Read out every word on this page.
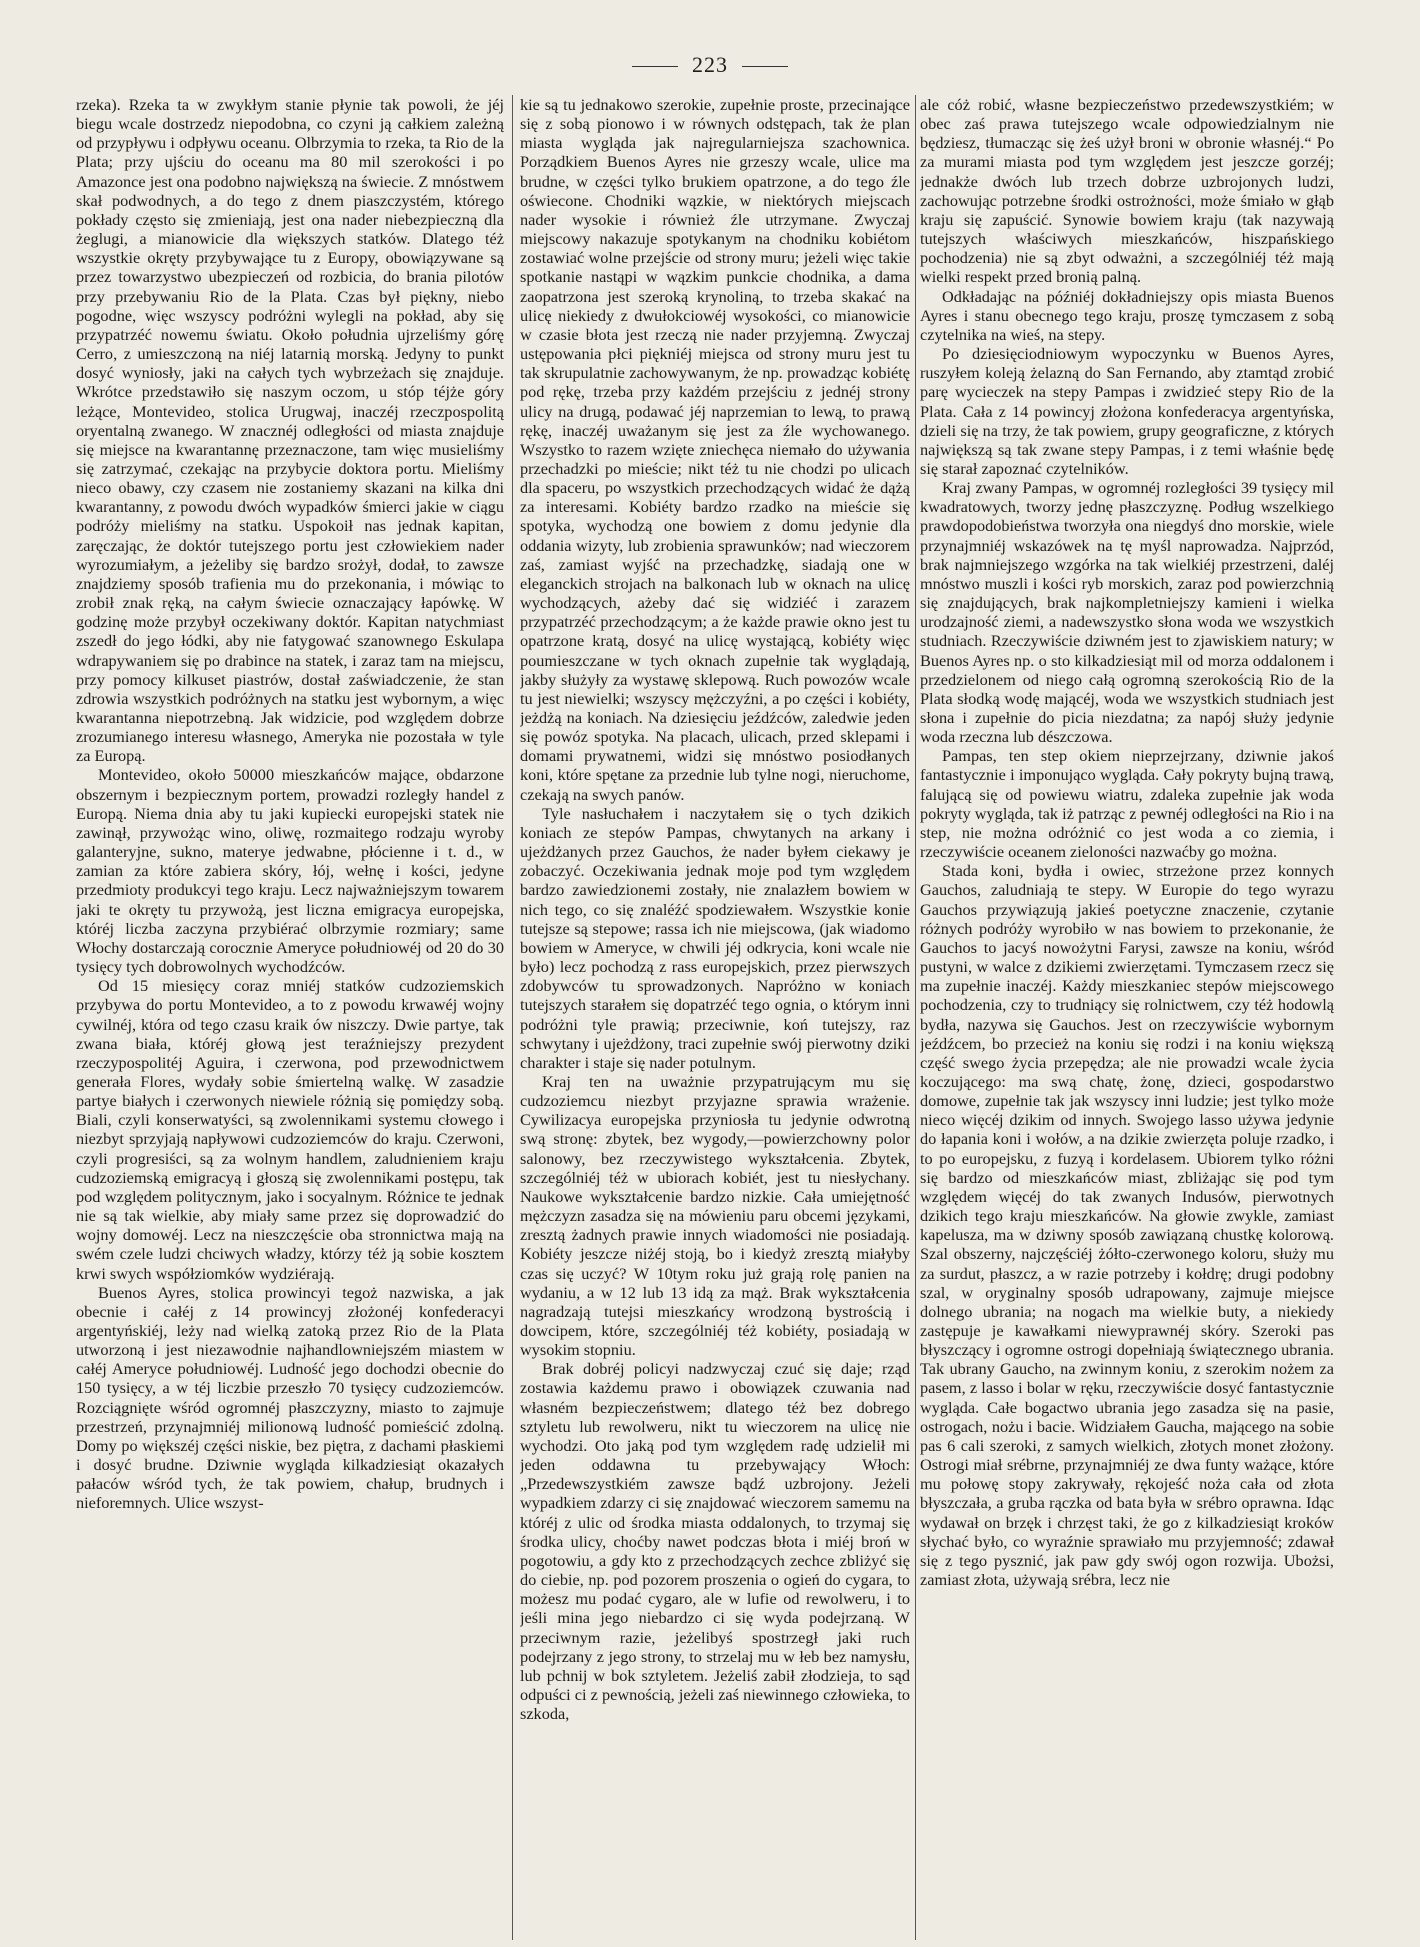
223

rzeka). Rzeka ta w zwykłym stanie płynie tak powoli, że jéj biegu wcale dostrzedz niepodobna, co czyni ją całkiem zależną od przypływu i odpływu oceanu. Olbrzymia to rzeka, ta Rio de la Plata; przy ujściu do oceanu ma 80 mil szerokości i po Amazonce jest ona podobno największą na świecie. Z mnóstwem skał podwodnych, a do tego z dnem piaszczystém, którego pokłady często się zmieniają, jest ona nader niebezpieczną dla żeglugi, a mianowicie dla większych statków. Dlatego téż wszystkie okręty przybywające tu z Europy, obowiązywane są przez towarzystwo ubezpieczeń od rozbicia, do brania pilotów przy przebywaniu Rio de la Plata. Czas był piękny, niebo pogodne, więc wszyscy podróżni wylegli na pokład, aby się przypatrzéć nowemu światu. Około południa ujrzeliśmy górę Cerro, z umieszczoną na niéj latarnią morską. Jedyny to punkt dosyć wyniosły, jaki na całych tych wybrzeżach się znajduje. Wkrótce przedstawiło się naszym oczom, u stóp téjże góry leżące, Montevideo, stolica Urugwaj, inaczéj rzeczpospolitą oryentalną zwanego. W znacznéj odległości od miasta znajduje się miejsce na kwarantannę przeznaczone, tam więc musieliśmy się zatrzymać, czekając na przybycie doktora portu. Mieliśmy nieco obawy, czy czasem nie zostaniemy skazani na kilka dni kwarantanny, z powodu dwóch wypadków śmierci jakie w ciągu podróży mieliśmy na statku. Uspokoił nas jednak kapitan, zaręczając, że doktór tutejszego portu jest człowiekiem nader wyrozumiałym, a jeżeliby się bardzo srożył, dodał, to zawsze znajdziemy sposób trafienia mu do przekonania, i mówiąc to zrobił znak ręką, na całym świecie oznaczający łapówkę. W godzinę może przybył oczekiwany doktór. Kapitan natychmiast zszedł do jego łódki, aby nie fatygować szanownego Eskulapa wdrapywaniem się po drabince na statek, i zaraz tam na miejscu, przy pomocy kilkuset piastrów, dostał zaświadczenie, że stan zdrowia wszystkich podróżnych na statku jest wybornym, a więc kwarantanna niepotrzebną. Jak widzicie, pod względem dobrze zrozumianego interesu własnego, Ameryka nie pozostała w tyle za Europą.

Montevideo, około 50000 mieszkańców mające, obdarzone obszernym i bezpiecznym portem, prowadzi rozległy handel z Europą. Niema dnia aby tu jaki kupiecki europejski statek nie zawinął, przywożąc wino, oliwę, rozmaitego rodzaju wyroby galanteryjne, sukno, materye jedwabne, płócienne i t. d., w zamian za które zabiera skóry, łój, wełnę i kości, jedyne przedmioty produkcyi tego kraju. Lecz najważniejszym towarem jaki te okręty tu przywożą, jest liczna emigracya europejska, któréj liczba zaczyna przybiérać olbrzymie rozmiary; same Włochy dostarczają corocznie Ameryce południowéj od 20 do 30 tysięcy tych dobrowolnych wychodźców.

Od 15 miesięcy coraz mniéj statków cudzoziemskich przybywa do portu Montevideo, a to z powodu krwawéj wojny cywilnéj, która od tego czasu kraik ów niszczy. Dwie partye, tak zwana biała, któréj głową jest teraźniejszy prezydent rzeczypospolitéj Aguira, i czerwona, pod przewodnictwem generała Flores, wydały sobie śmiertelną walkę. W zasadzie partye białych i czerwonych niewiele różnią się pomiędzy sobą. Biali, czyli konserwatyści, są zwolennikami systemu cłowego i niezbyt sprzyjają napływowi cudzoziemców do kraju. Czerwoni, czyli progresiści, są za wolnym handlem, zaludnieniem kraju cudzoziemską emigracyą i głoszą się zwolennikami postępu, tak pod względem politycznym, jako i socyalnym. Różnice te jednak nie są tak wielkie, aby miały same przez się doprowadzić do wojny domowéj. Lecz na nieszczęście oba stronnictwa mają na swém czele ludzi chciwych władzy, którzy téż ją sobie kosztem krwi swych współziomków wydziérają.

Buenos Ayres, stolica prowincyi tegoż nazwiska, a jak obecnie i całéj z 14 prowincyj złożonéj konfederacyi argentyńskiéj, leży nad wielką zatoką przez Rio de la Plata utworzoną i jest niezawodnie najhandlowniejszém miastem w całéj Ameryce południowéj. Ludność jego dochodzi obecnie do 150 tysięcy, a w téj liczbie przeszło 70 tysięcy cudzoziemców. Rozciągnięte wśród ogromnéj płaszczyzny, miasto to zajmuje przestrzeń, przynajmniéj milionową ludność pomieścić zdolną. Domy po większéj części niskie, bez piętra, z dachami płaskiemi i dosyć brudne. Dziwnie wygląda kilkadziesiąt okazałych pałaców wśród tych, że tak powiem, chałup, brudnych i nieforemnych. Ulice wszyst-

kie są tu jednakowo szerokie, zupełnie proste, przecinające się z sobą pionowo i w równych odstępach, tak że plan miasta wygląda jak najregularniejsza szachownica. Porządkiem Buenos Ayres nie grzeszy wcale, ulice ma brudne, w części tylko brukiem opatrzone, a do tego źle oświecone. Chodniki wązkie, w niektórych miejscach nader wysokie i również źle utrzymane. Zwyczaj miejscowy nakazuje spotykanym na chodniku kobiétom zostawiać wolne przejście od strony muru; jeżeli więc takie spotkanie nastąpi w wązkim punkcie chodnika, a dama zaopatrzona jest szeroką krynoliną, to trzeba skakać na ulicę niekiedy z dwułokciowéj wysokości, co mianowicie w czasie błota jest rzeczą nie nader przyjemną. Zwyczaj ustępowania płci piękniéj miejsca od strony muru jest tu tak skrupulatnie zachowywanym, że np. prowadząc kobiétę pod rękę, trzeba przy każdém przejściu z jednéj strony ulicy na drugą, podawać jéj naprzemian to lewą, to prawą rękę, inaczéj uważanym się jest za źle wychowanego. Wszystko to razem wzięte zniechęca niemało do używania przechadzki po mieście; nikt téż tu nie chodzi po ulicach dla spaceru, po wszystkich przechodzących widać że dążą za interesami. Kobiéty bardzo rzadko na mieście się spotyka, wychodzą one bowiem z domu jedynie dla oddania wizyty, lub zrobienia sprawunków; nad wieczorem zaś, zamiast wyjść na przechadzkę, siadają one w eleganckich strojach na balkonach lub w oknach na ulicę wychodzących, ażeby dać się widziéć i zarazem przypatrzéć przechodzącym; a że każde prawie okno jest tu opatrzone kratą, dosyć na ulicę wystającą, kobiéty więc poumieszczane w tych oknach zupełnie tak wyglądają, jakby służyły za wystawę sklepową. Ruch powozów wcale tu jest niewielki; wszyscy mężczyźni, a po części i kobiéty, jeżdżą na koniach. Na dziesięciu jeźdźców, zaledwie jeden się powóz spotyka. Na placach, ulicach, przed sklepami i domami prywatnemi, widzi się mnóstwo posiodłanych koni, które spętane za przednie lub tylne nogi, nieruchome, czekają na swych panów.

Tyle nasłuchałem i naczytałem się o tych dzikich koniach ze stepów Pampas, chwytanych na arkany i ujeżdżanych przez Gauchos, że nader byłem ciekawy je zobaczyć. Oczekiwania jednak moje pod tym względem bardzo zawiedzionemi zostały, nie znalazłem bowiem w nich tego, co się znaléźć spodziewałem. Wszystkie konie tutejsze są stepowe; rassa ich nie miejscowa, (jak wiadomo bowiem w Ameryce, w chwili jéj odkrycia, koni wcale nie było) lecz pochodzą z rass europejskich, przez pierwszych zdobywców tu sprowadzonych. Napróżno w koniach tutejszych starałem się dopatrzéć tego ognia, o którym inni podróżni tyle prawią; przeciwnie, koń tutejszy, raz schwytany i ujeżdżony, traci zupełnie swój pierwotny dziki charakter i staje się nader potulnym.

Kraj ten na uważnie przypatrującym mu się cudzoziemcu niezbyt przyjazne sprawia wrażenie. Cywilizacya europejska przyniosła tu jedynie odwrotną swą stronę: zbytek, bez wygody,—powierzchowny polor salonowy, bez rzeczywistego wykształcenia. Zbytek, szczególniéj téż w ubiorach kobiét, jest tu niesłychany. Naukowe wykształcenie bardzo nizkie. Cała umiejętność mężczyzn zasadza się na mówieniu paru obcemi językami, zresztą żadnych prawie innych wiadomości nie posiadają. Kobiéty jeszcze niżéj stoją, bo i kiedyż zresztą miałyby czas się uczyć? W 10tym roku już grają rolę panien na wydaniu, a w 12 lub 13 idą za mąż. Brak wykształcenia nagradzają tutejsi mieszkańcy wrodzoną bystrością i dowcipem, które, szczególniéj téż kobiéty, posiadają w wysokim stopniu.

Brak dobréj policyi nadzwyczaj czuć się daje; rząd zostawia każdemu prawo i obowiązek czuwania nad własném bezpieczeństwem; dlatego téż bez dobrego sztyletu lub rewolweru, nikt tu wieczorem na ulicę nie wychodzi. Oto jaką pod tym względem radę udzielił mi jeden oddawna tu przebywający Włoch: „Przedewszystkiém zawsze bądź uzbrojony. Jeżeli wypadkiem zdarzy ci się znajdować wieczorem samemu na któréj z ulic od środka miasta oddalonych, to trzymaj się środka ulicy, choćby nawet podczas błota i miéj broń w pogotowiu, a gdy kto z przechodzących zechce zbliżyć się do ciebie, np. pod pozorem proszenia o ogień do cygara, to możesz mu podać cygaro, ale w lufie od rewolweru, i to jeśli mina jego niebardzo ci się wyda podejrzaną. W przeciwnym razie, jeżelibyś spostrzegł jaki ruch podejrzany z jego strony, to strzelaj mu w łeb bez namysłu, lub pchnij w bok sztyletem. Jeżeliś zabił złodzieja, to sąd odpuści ci z pewnością, jeżeli zaś niewinnego człowieka, to szkoda,

ale cóż robić, własne bezpieczeństwo przedewszystkiém; w obec zaś prawa tutejszego wcale odpowiedzialnym nie będziesz, tłumacząc się żeś użył broni w obronie własnéj.“ Po za murami miasta pod tym względem jest jeszcze gorzéj; jednakże dwóch lub trzech dobrze uzbrojonych ludzi, zachowując potrzebne środki ostrożności, może śmiało w głąb kraju się zapuścić. Synowie bowiem kraju (tak nazywają tutejszych właściwych mieszkańców, hiszpańskiego pochodzenia) nie są zbyt odważni, a szczególniéj téż mają wielki respekt przed bronią palną.

Odkładając na późniéj dokładniejszy opis miasta Buenos Ayres i stanu obecnego tego kraju, proszę tymczasem z sobą czytelnika na wieś, na stepy.

Po dziesięciodniowym wypoczynku w Buenos Ayres, ruszyłem koleją żelazną do San Fernando, aby ztamtąd zrobić parę wycieczek na stepy Pampas i zwidzieć stepy Rio de la Plata. Cała z 14 powincyj złożona konfederacya argentyńska, dzieli się na trzy, że tak powiem, grupy geograficzne, z których największą są tak zwane stepy Pampas, i z temi właśnie będę się starał zapoznać czytelników.

Kraj zwany Pampas, w ogromnéj rozległości 39 tysięcy mil kwadratowych, tworzy jednę płaszczyznę. Podług wszelkiego prawdopodobieństwa tworzyła ona niegdyś dno morskie, wiele przynajmniéj wskazówek na tę myśl naprowadza. Najprzód, brak najmniejszego wzgórka na tak wielkiéj przestrzeni, daléj mnóstwo muszli i kości ryb morskich, zaraz pod powierzchnią się znajdujących, brak najkompletniejszy kamieni i wielka urodzajność ziemi, a nadewszystko słona woda we wszystkich studniach. Rzeczywiście dziwném jest to zjawiskiem natury; w Buenos Ayres np. o sto kilkadziesiąt mil od morza oddalonem i przedzielonem od niego całą ogromną szerokością Rio de la Plata słodką wodę mającéj, woda we wszystkich studniach jest słona i zupełnie do picia niezdatna; za napój służy jedynie woda rzeczna lub dészczowa.

Pampas, ten step okiem nieprzejrzany, dziwnie jakoś fantastycznie i imponująco wygląda. Cały pokryty bujną trawą, falującą się od powiewu wiatru, zdaleka zupełnie jak woda pokryty wygląda, tak iż patrząc z pewnéj odległości na Rio i na step, nie można odróżnić co jest woda a co ziemia, i rzeczywiście oceanem zieloności nazwaćby go można.

Stada koni, bydła i owiec, strzeżone przez konnych Gauchos, zaludniają te stepy. W Europie do tego wyrazu Gauchos przywiązują jakieś poetyczne znaczenie, czytanie różnych podróży wyrobiło w nas bowiem to przekonanie, że Gauchos to jacyś nowożytni Farysi, zawsze na koniu, wśród pustyni, w walce z dzikiemi zwierzętami. Tymczasem rzecz się ma zupełnie inaczéj. Każdy mieszkaniec stepów miejscowego pochodzenia, czy to trudniący się rolnictwem, czy téż hodowlą bydła, nazywa się Gauchos. Jest on rzeczywiście wybornym jeźdźcem, bo przecież na koniu się rodzi i na koniu większą część swego życia przepędza; ale nie prowadzi wcale życia koczującego: ma swą chatę, żonę, dzieci, gospodarstwo domowe, zupełnie tak jak wszyscy inni ludzie; jest tylko może nieco więcéj dzikim od innych. Swojego lasso używa jedynie do łapania koni i wołów, a na dzikie zwierzęta poluje rzadko, i to po europejsku, z fuzyą i kordelasem. Ubiorem tylko różni się bardzo od mieszkańców miast, zbliżając się pod tym względem więcéj do tak zwanych Indusów, pierwotnych dzikich tego kraju mieszkańców. Na głowie zwykle, zamiast kapelusza, ma w dziwny sposób zawiązaną chustkę kolorową. Szal obszerny, najczęściéj żółto-czerwonego koloru, służy mu za surdut, płaszcz, a w razie potrzeby i kołdrę; drugi podobny szal, w oryginalny sposób udrapowany, zajmuje miejsce dolnego ubrania; na nogach ma wielkie buty, a niekiedy zastępuje je kawałkami niewyprawnéj skóry. Szeroki pas błyszczący i ogromne ostrogi dopełniają świątecznego ubrania. Tak ubrany Gaucho, na zwinnym koniu, z szerokim nożem za pasem, z lasso i bolar w ręku, rzeczywiście dosyć fantastycznie wygląda. Całe bogactwo ubrania jego zasadza się na pasie, ostrogach, nożu i bacie. Widziałem Gaucha, mającego na sobie pas 6 cali szeroki, z samych wielkich, złotych monet złożony. Ostrogi miał srébrne, przynajmniéj ze dwa funty ważące, które mu połowę stopy zakrywały, rękojeść noża cała od złota błyszczała, a gruba rączka od bata była w srébro oprawna. Idąc wydawał on brzęk i chrzęst taki, że go z kilkadziesiąt kroków słychać było, co wyraźnie sprawiało mu przyjemność; zdawał się z tego pysznić, jak paw gdy swój ogon rozwija. Ubożsi, zamiast złota, używają srébra, lecz nie
